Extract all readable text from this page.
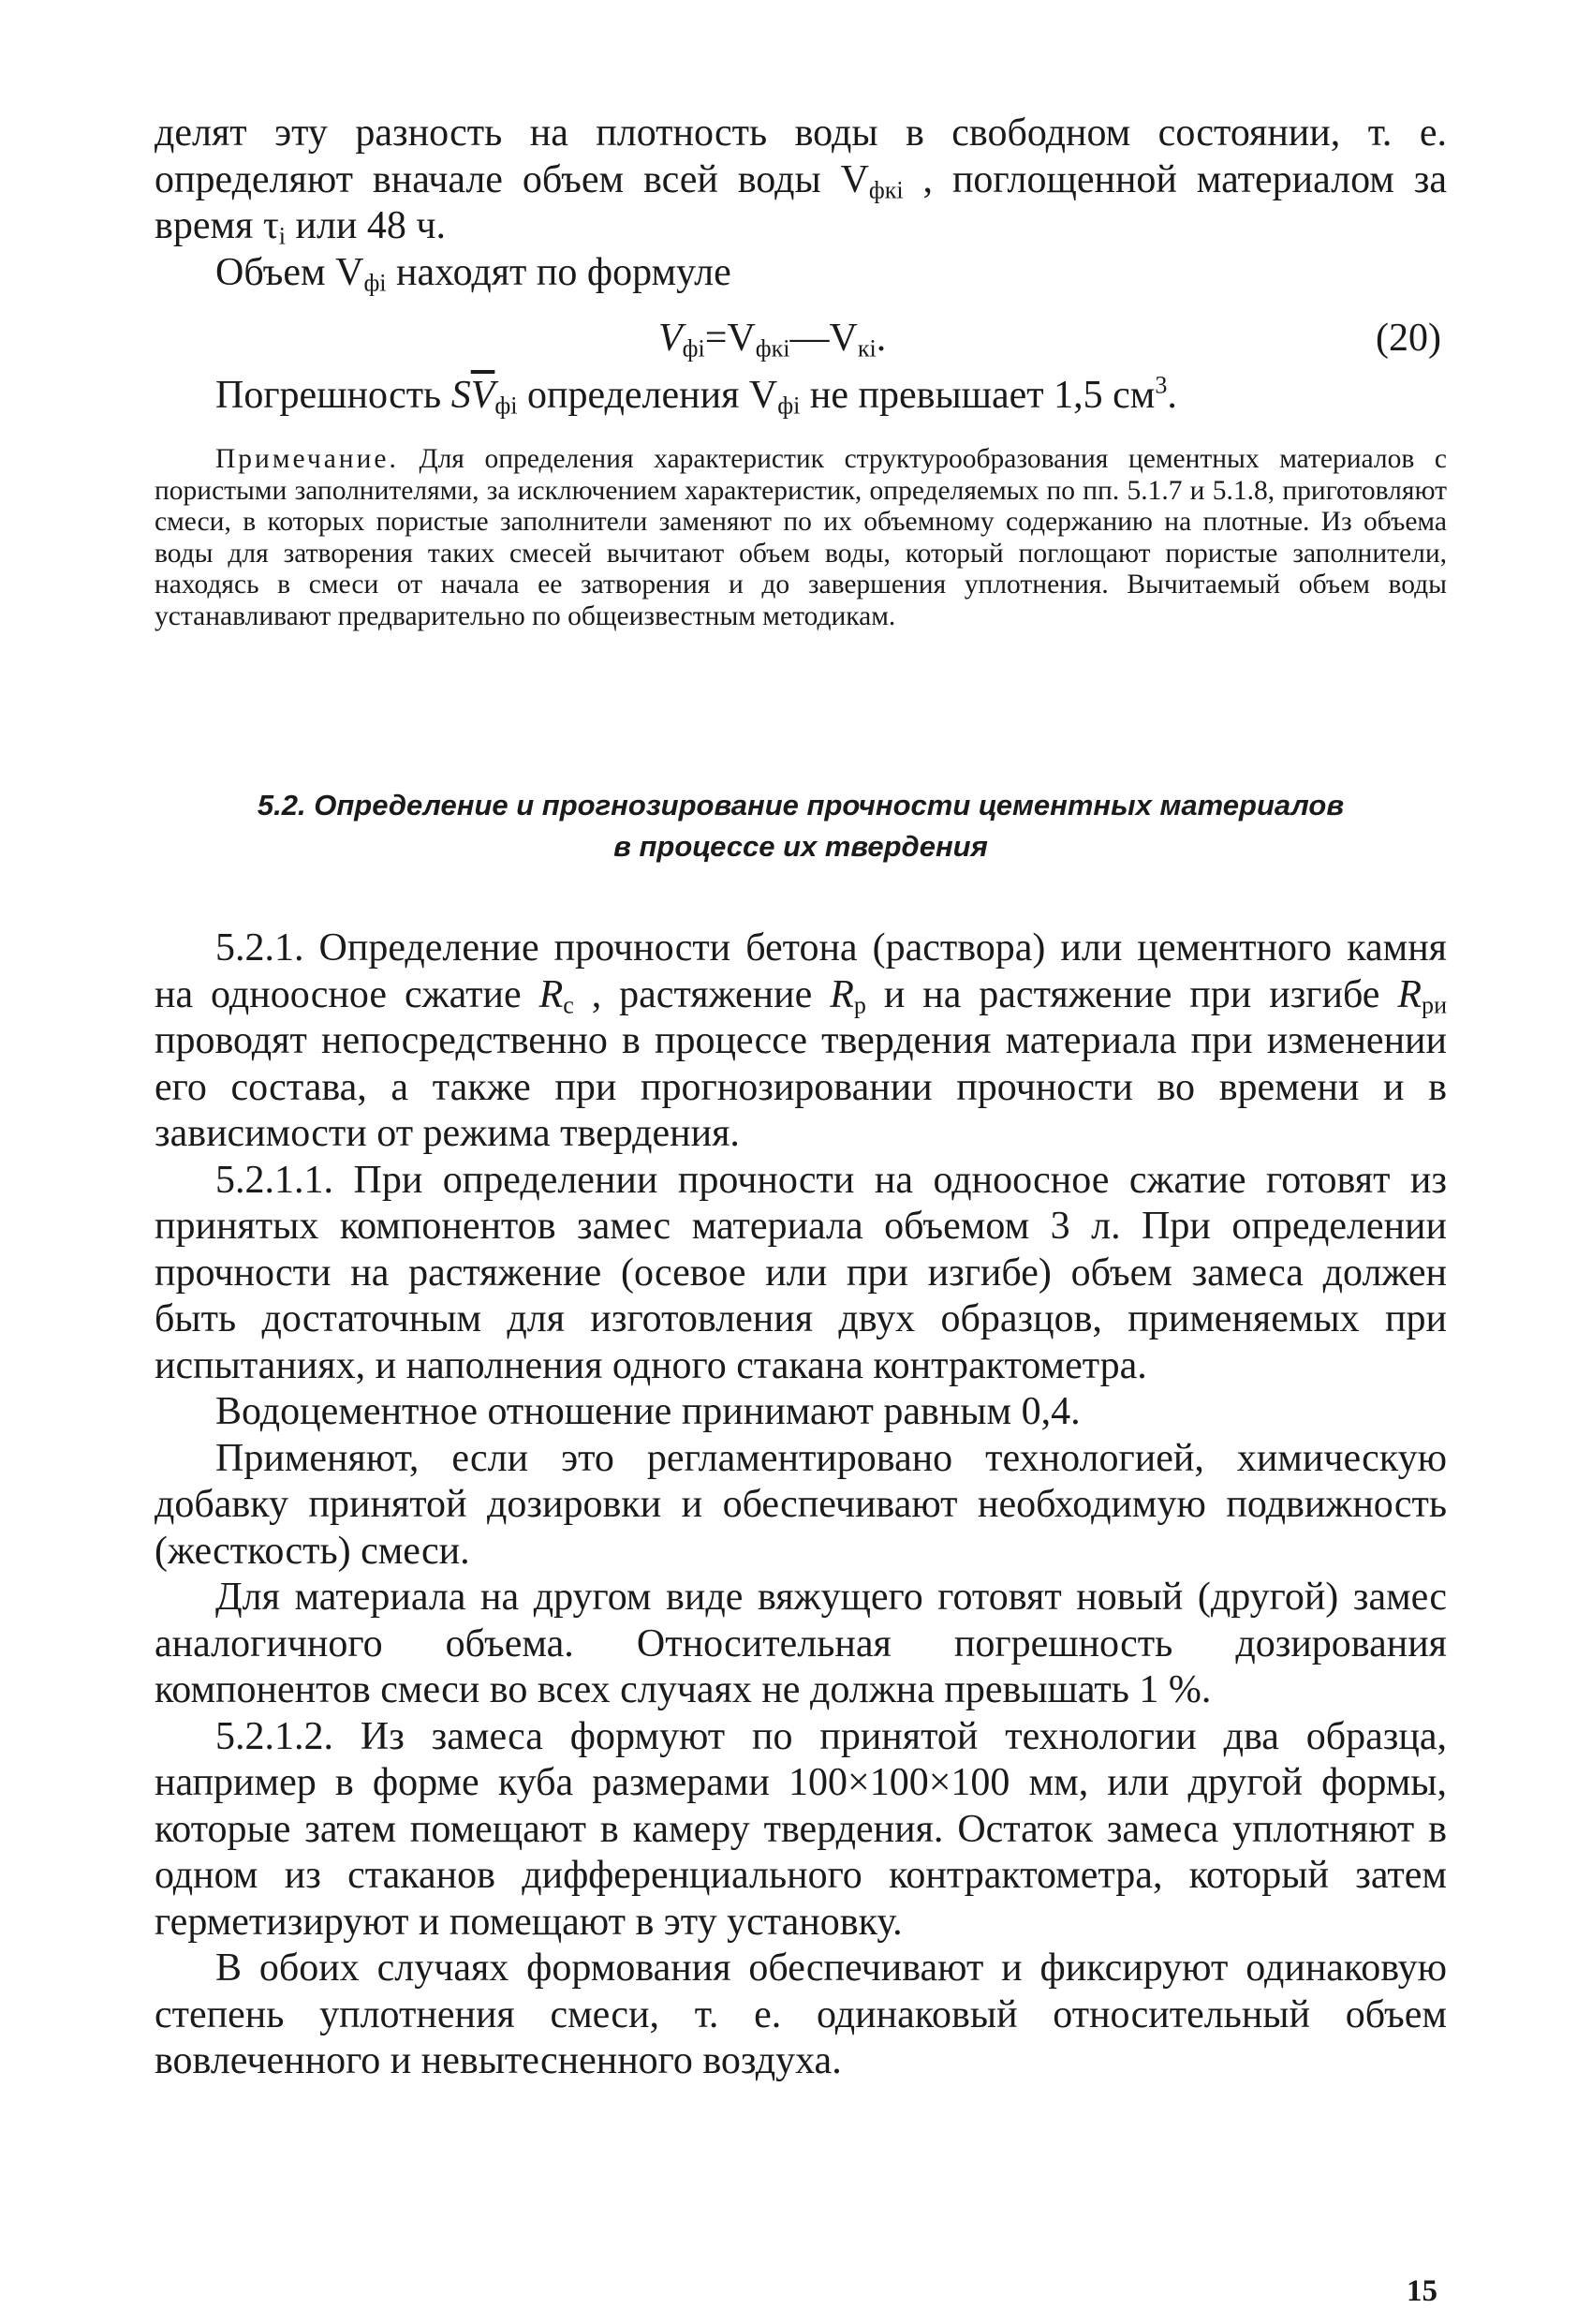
делят эту разность на плотность воды в свободном состоянии, т. е. определяют вначале объем всей воды $V_{фкi}$ , поглощенной материалом за время $\tau_i$ или 48 ч.

Объем $V_{фi}$ находят по формуле

$V_{фi}=V_{фкi}—V_{кi}$.	(20)

Погрешность $S\overline{V}_{фi}$ определения $V_{фi}$ не превышает 1,5 $см^3$.

Примечание. Для определения характеристик структурообразования цементных материалов с пористыми заполнителями, за исключением характеристик, определяемых по пп. 5.1.7 и 5.1.8, приготовляют смеси, в которых пористые заполнители заменяют по их объемному содержанию на плотные. Из объема воды для затворения таких смесей вычитают объем воды, который поглощают пористые заполнители, находясь в смеси от начала ее затворения и до завершения уплотнения. Вычитаемый объем воды устанавливают предварительно по общеизвестным методикам.

5.2. Определение и прогнозирование прочности цементных материалов
в процессе их твердения

5.2.1. Определение прочности бетона (раствора) или цементного камня на одноосное сжатие $R_c$ , растяжение $R_p$ и на растяжение при изгибе $R_{ри}$ проводят непосредственно в процессе твердения материала при изменении его состава, а также при прогнозировании прочности во времени и в зависимости от режима твердения.

5.2.1.1. При определении прочности на одноосное сжатие готовят из принятых компонентов замес материала объемом 3 л. При определении прочности на растяжение (осевое или при изгибе) объем замеса должен быть достаточным для изготовления двух образцов, применяемых при испытаниях, и наполнения одного стакана контрактометра.

Водоцементное отношение принимают равным 0,4.

Применяют, если это регламентировано технологией, химическую добавку принятой дозировки и обеспечивают необходимую подвижность (жесткость) смеси.

Для материала на другом виде вяжущего готовят новый (другой) замес аналогичного объема. Относительная погрешность дозирования компонентов смеси во всех случаях не должна превышать 1 %.

5.2.1.2. Из замеса формуют по принятой технологии два образца, например в форме куба размерами 100×100×100 мм, или другой формы, которые затем помещают в камеру твердения. Остаток замеса уплотняют в одном из стаканов дифференциального контрактометра, который затем герметизируют и помещают в эту установку.

В обоих случаях формования обеспечивают и фиксируют одинаковую степень уплотнения смеси, т. е. одинаковый относительный объем вовлеченного и невытесненного воздуха.

15
